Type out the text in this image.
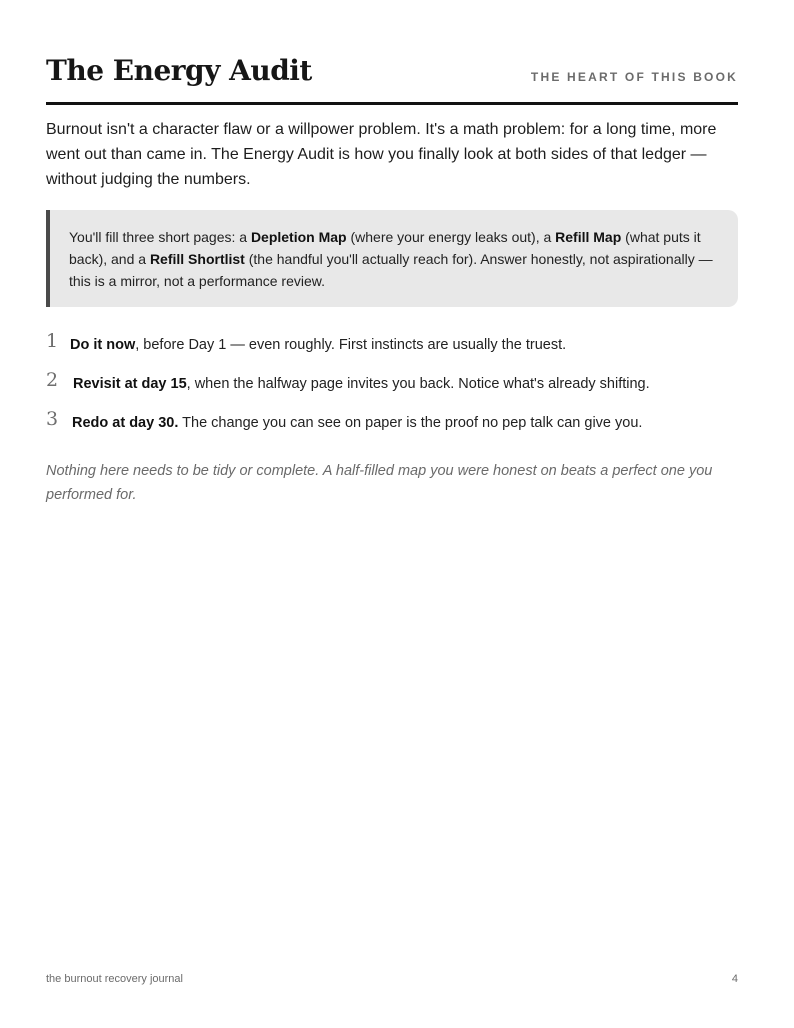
The Energy Audit	THE HEART OF THIS BOOK

Burnout isn't a character flaw or a willpower problem. It's a math problem: for a long time, more went out than came in. The Energy Audit is how you finally look at both sides of that ledger — without judging the numbers.

You'll fill three short pages: a Depletion Map (where your energy leaks out), a Refill Map (what puts it back), and a Refill Shortlist (the handful you'll actually reach for). Answer honestly, not aspirationally — this is a mirror, not a performance review.

1 Do it now, before Day 1 — even roughly. First instincts are usually the truest.
2 Revisit at day 15, when the halfway page invites you back. Notice what's already shifting.
3 Redo at day 30. The change you can see on paper is the proof no pep talk can give you.

Nothing here needs to be tidy or complete. A half-filled map you were honest on beats a perfect one you performed for.

the burnout recovery journal	4
